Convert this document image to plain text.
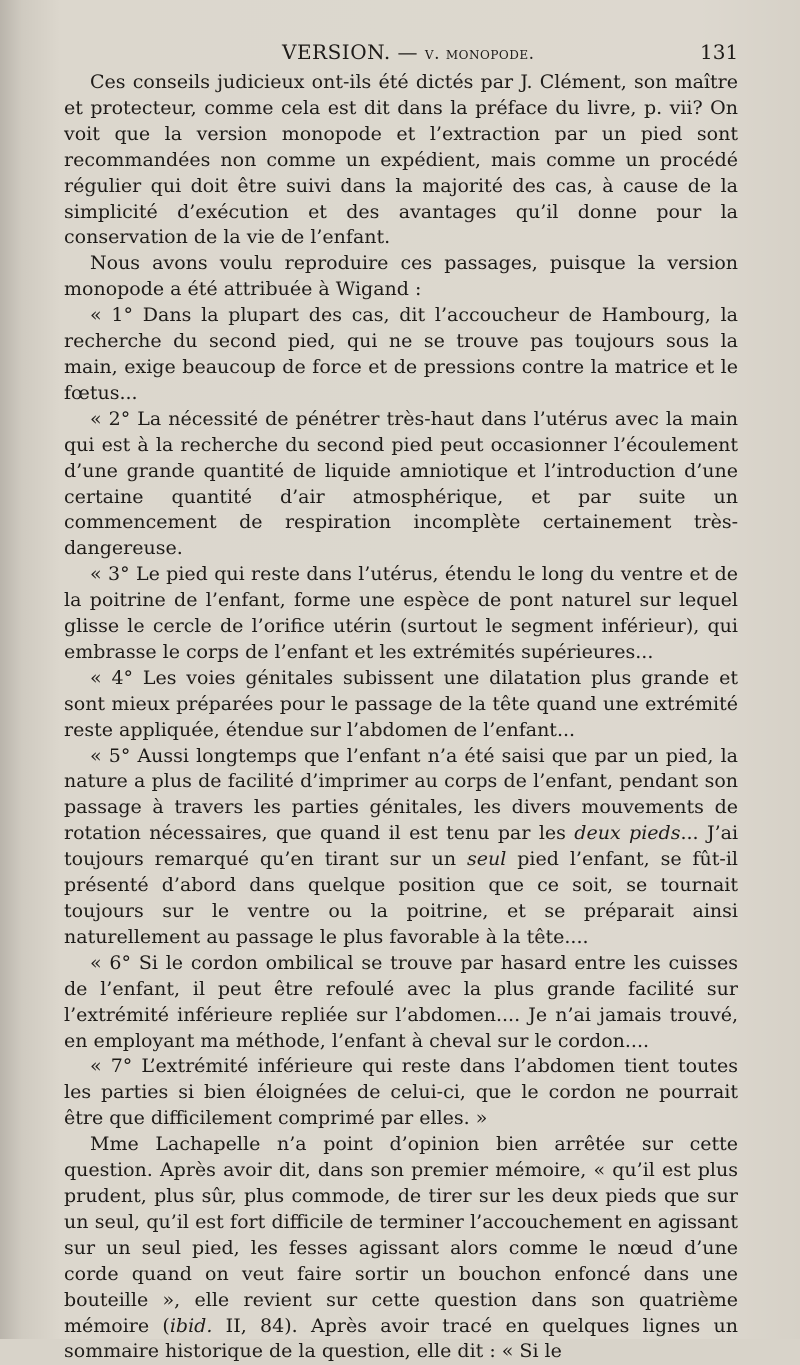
VERSION. — v. monopode.	131

Ces conseils judicieux ont-ils été dictés par J. Clément, son maître et protecteur, comme cela est dit dans la préface du livre, p. vii? On voit que la version monopode et l’extraction par un pied sont recommandées non comme un expédient, mais comme un procédé régulier qui doit être suivi dans la majorité des cas, à cause de la simplicité d’exécution et des avantages qu’il donne pour la conservation de la vie de l’enfant.

Nous avons voulu reproduire ces passages, puisque la version monopode a été attribuée à Wigand :

« 1° Dans la plupart des cas, dit l’accoucheur de Hambourg, la recherche du second pied, qui ne se trouve pas toujours sous la main, exige beaucoup de force et de pressions contre la matrice et le fœtus...

« 2° La nécessité de pénétrer très-haut dans l’utérus avec la main qui est à la recherche du second pied peut occasionner l’écoulement d’une grande quantité de liquide amniotique et l’introduction d’une certaine quantité d’air atmosphérique, et par suite un commencement de respiration incomplète certainement très-dangereuse.

« 3° Le pied qui reste dans l’utérus, étendu le long du ventre et de la poitrine de l’enfant, forme une espèce de pont naturel sur lequel glisse le cercle de l’orifice utérin (surtout le segment inférieur), qui embrasse le corps de l’enfant et les extrémités supérieures...

« 4° Les voies génitales subissent une dilatation plus grande et sont mieux préparées pour le passage de la tête quand une extrémité reste appliquée, étendue sur l’abdomen de l’enfant...

« 5° Aussi longtemps que l’enfant n’a été saisi que par un pied, la nature a plus de facilité d’imprimer au corps de l’enfant, pendant son passage à travers les parties génitales, les divers mouvements de rotation nécessaires, que quand il est tenu par les deux pieds... J’ai toujours remarqué qu’en tirant sur un seul pied l’enfant, se fût-il présenté d’abord dans quelque position que ce soit, se tournait toujours sur le ventre ou la poitrine, et se préparait ainsi naturellement au passage le plus favorable à la tête....

« 6° Si le cordon ombilical se trouve par hasard entre les cuisses de l’enfant, il peut être refoulé avec la plus grande facilité sur l’extrémité inférieure repliée sur l’abdomen.... Je n’ai jamais trouvé, en employant ma méthode, l’enfant à cheval sur le cordon....

« 7° L’extrémité inférieure qui reste dans l’abdomen tient toutes les parties si bien éloignées de celui-ci, que le cordon ne pourrait être que difficilement comprimé par elles. »

Mme Lachapelle n’a point d’opinion bien arrêtée sur cette question. Après avoir dit, dans son premier mémoire, « qu’il est plus prudent, plus sûr, plus commode, de tirer sur les deux pieds que sur un seul, qu’il est fort difficile de terminer l’accouchement en agissant sur un seul pied, les fesses agissant alors comme le nœud d’une corde quand on veut faire sortir un bouchon enfoncé dans une bouteille », elle revient sur cette question dans son quatrième mémoire (ibid. II, 84). Après avoir tracé en quelques lignes un sommaire historique de la question, elle dit : « Si le
